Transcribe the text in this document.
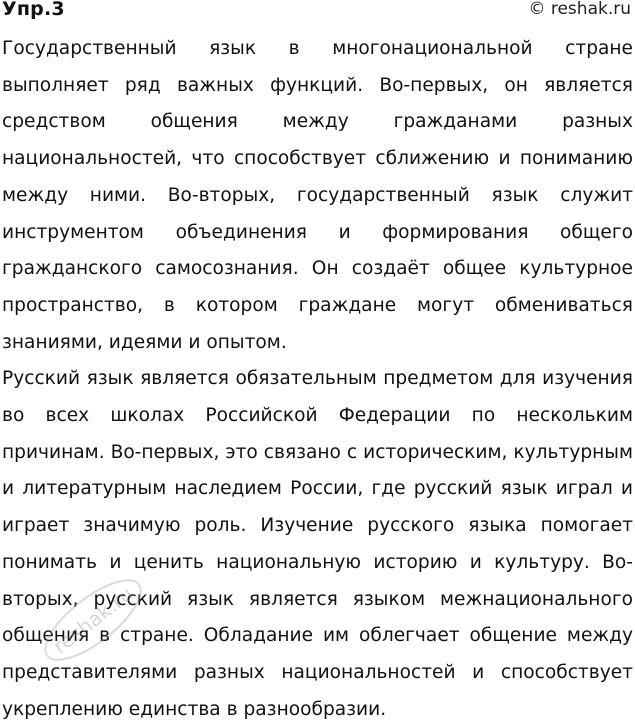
Упр.3	© reshak.ru

Государственный язык в многонациональной стране выполняет ряд важных функций. Во-первых, он является средством общения между гражданами разных национальностей, что способствует сближению и пониманию между ними. Во-вторых, государственный язык служит инструментом объединения и формирования общего гражданского самосознания. Он создаёт общее культурное пространство, в котором граждане могут обмениваться знаниями, идеями и опытом.

Русский язык является обязательным предметом для изучения во всех школах Российской Федерации по нескольким причинам. Во-первых, это связано с историческим, культурным и литературным наследием России, где русский язык играл и играет значимую роль. Изучение русского языка помогает понимать и ценить национальную историю и культуру. Во-вторых, русский язык является языком межнационального общения в стране. Обладание им облегчает общение между представителями разных национальностей и способствует укреплению единства в разнообразии.

reshak.ru
